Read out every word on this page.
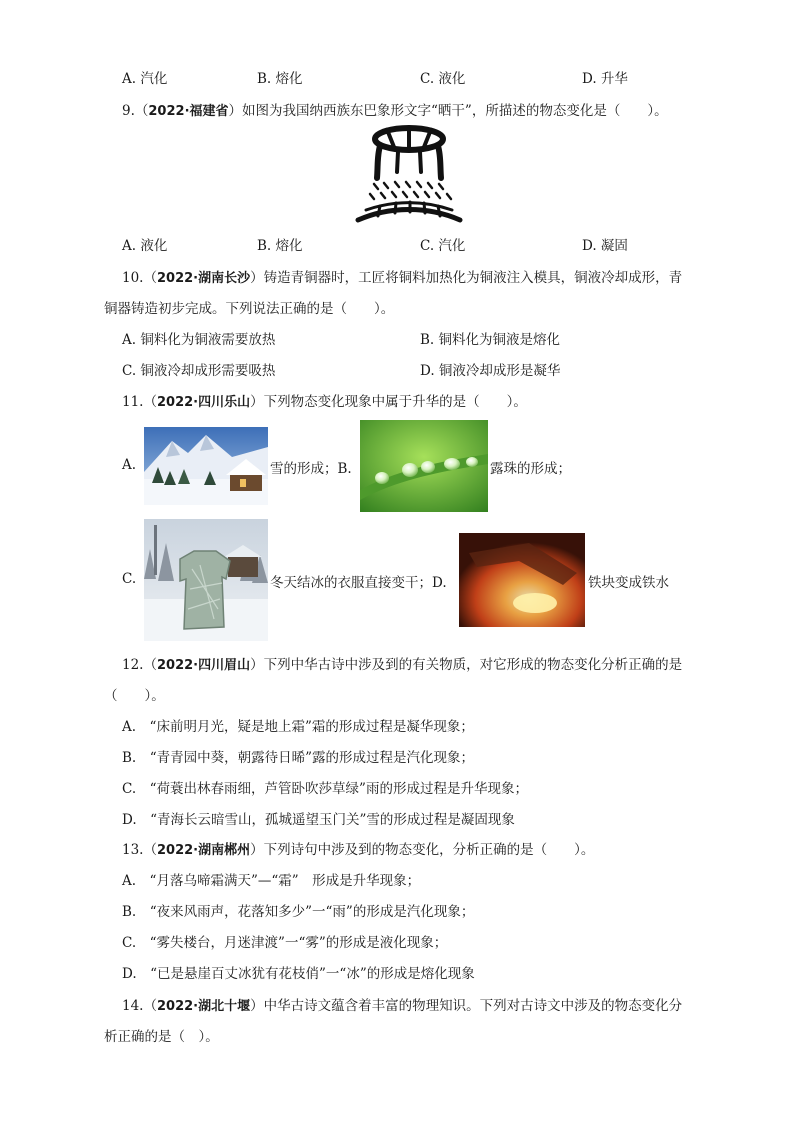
A. 汽化	B. 熔化	C. 液化	D. 升华
9.（2022·福建省）如图为我国纳西族东巴象形文字“晒干”，所描述的物态变化是（　　）。
A. 液化	B. 熔化	C. 汽化	D. 凝固
10.（2022·湖南长沙）铸造青铜器时，工匠将铜料加热化为铜液注入模具，铜液冷却成形，青
铜器铸造初步完成。下列说法正确的是（　　）。
A. 铜料化为铜液需要放热	B. 铜料化为铜液是熔化
C. 铜液冷却成形需要吸热	D. 铜液冷却成形是凝华
11.（2022·四川乐山）下列物态变化现象中属于升华的是（　　）。
A.	雪的形成；B.	露珠的形成；
C.	冬天结冰的衣服直接变干；D.	铁块变成铁水
12.（2022·四川眉山）下列中华古诗中涉及到的有关物质，对它形成的物态变化分析正确的是
（　　）。
A.　“床前明月光，疑是地上霜”霜的形成过程是凝华现象；
B.　“青青园中葵，朝露待日晞”露的形成过程是汽化现象；
C.　“荷蓑出林春雨细，芦管卧吹莎草绿”雨的形成过程是升华现象；
D.　“青海长云暗雪山，孤城遥望玉门关”雪的形成过程是凝固现象
13.（2022·湖南郴州）下列诗句中涉及到的物态变化，分析正确的是（　　）。
A.　“月落乌啼霜满天”—“霜”　形成是升华现象；
B.　“夜来风雨声，花落知多少”一“雨”的形成是汽化现象；
C.　“雾失楼台，月迷津渡”一“雾”的形成是液化现象；
D.　“已是悬崖百丈冰犹有花枝俏”一“冰”的形成是熔化现象
14.（2022·湖北十堰）中华古诗文蕴含着丰富的物理知识。下列对古诗文中涉及的物态变化分
析正确的是（　）。
